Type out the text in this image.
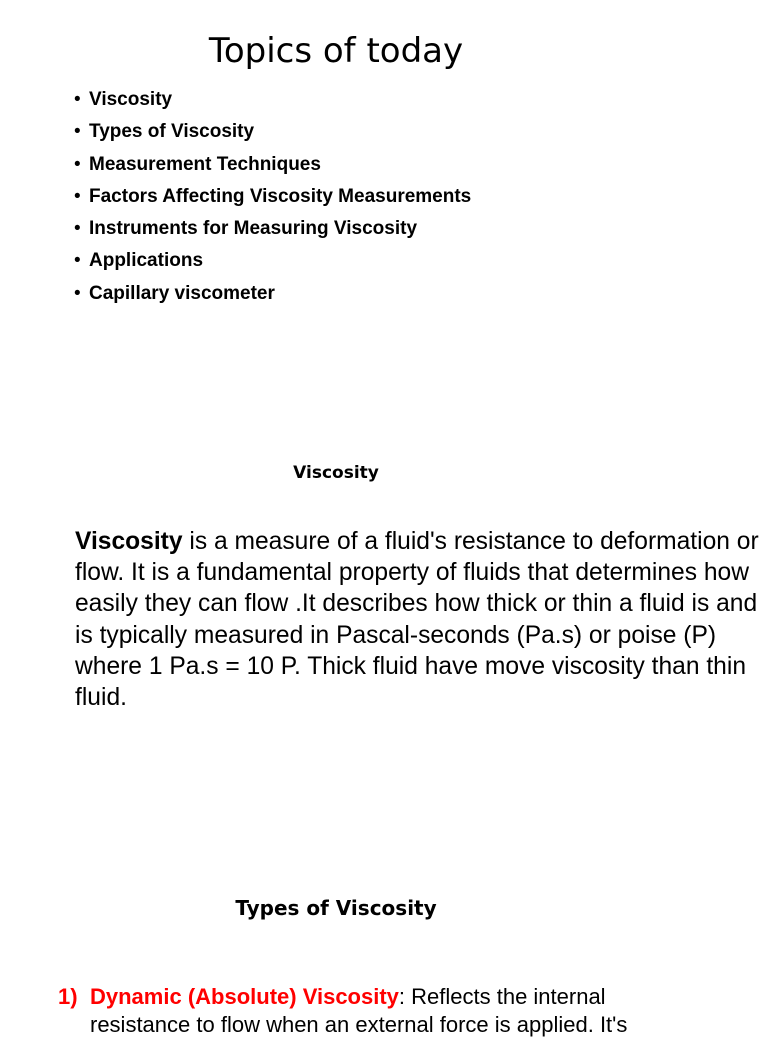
Topics of today
• Viscosity
• Types of Viscosity
• Measurement Techniques
• Factors Affecting Viscosity Measurements
• Instruments for Measuring Viscosity
• Applications
• Capillary viscometer
Viscosity

Viscosity is a measure of a fluid's resistance to deformation or flow. It is a fundamental property of fluids that determines how easily they can flow .It describes how thick or thin a fluid is and is typically measured in Pascal-seconds (Pa.s) or poise (P) where 1 Pa.s = 10 P. Thick fluid have move viscosity than thin fluid.

Types of Viscosity

1) Dynamic (Absolute) Viscosity: Reflects the internal
resistance to flow when an external force is applied. It's
